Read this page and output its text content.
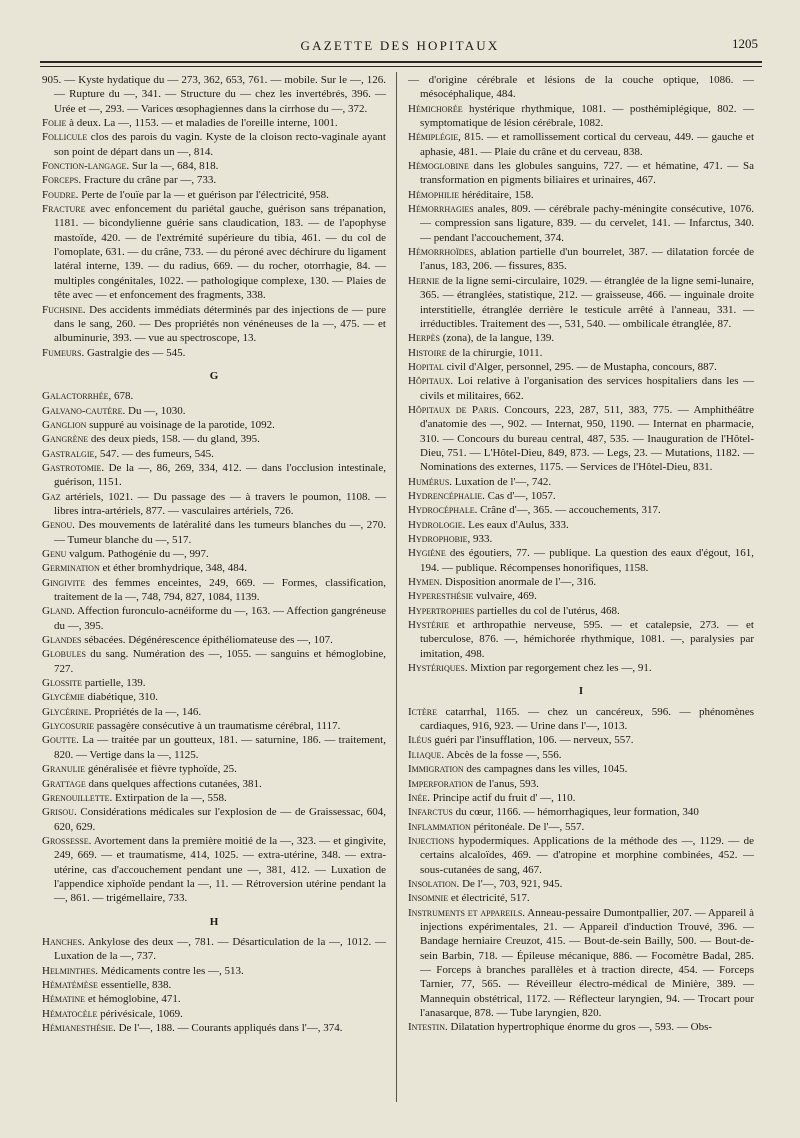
GAZETTE DES HOPITAUX	1205

905. — Kyste hydatique du — 273, 362, 653, 761. — mobile. Sur le —, 126. — Rupture du —, 341. — Structure du — chez les invertébrés, 396. — Urée et —, 293. — Varices œsophagiennes dans la cirrhose du —, 372.

Folie à deux. La —, 1153. — et maladies de l'oreille interne, 1001.

Follicule clos des parois du vagin. Kyste de la cloison recto-vaginale ayant son point de départ dans un —, 814.

Fonction-langage. Sur la —, 684, 818.

Forceps. Fracture du crâne par —, 733.

Foudre. Perte de l'ouïe par la — et guérison par l'électricité, 958.

Fracture avec enfoncement du pariétal gauche, guérison sans trépanation, 1181. — bicondylienne guérie sans claudication, 183. — de l'apophyse mastoïde, 420. — de l'extrémité supérieure du tibia, 461. — du col de l'omoplate, 631. — du crâne, 733. — du péroné avec déchirure du ligament latéral interne, 139. — du radius, 669. — du rocher, otorrhagie, 84. — multiples congénitales, 1022. — pathologique complexe, 130. — Plaies de tête avec — et enfoncement des fragments, 338.

Fuchsine. Des accidents immédiats déterminés par des injections de — pure dans le sang, 260. — Des propriétés non vénéneuses de la —, 475. — et albuminurie, 393. — vue au spectroscope, 13.

Fumeurs. Gastralgie des — 545.

G

Galactorrhée, 678.

Galvano-cautère. Du —, 1030.

Ganglion suppuré au voisinage de la parotide, 1092.

Gangrène des deux pieds, 158. — du gland, 395.

Gastralgie, 547. — des fumeurs, 545.

Gastrotomie. De la —, 86, 269, 334, 412. — dans l'occlusion intestinale, guérison, 1151.

Gaz artériels, 1021. — Du passage des — à travers le poumon, 1108. — libres intra-artériels, 877. — vasculaires artériels, 726.

Genou. Des mouvements de latéralité dans les tumeurs blanches du —, 270. — Tumeur blanche du —, 517.

Genu valgum. Pathogénie du —, 997.

Germination et éther bromhydrique, 348, 484.

Gingivite des femmes enceintes, 249, 669. — Formes, classification, traitement de la —, 748, 794, 827, 1084, 1139.

Gland. Affection furonculo-acnéiforme du —, 163. — Affection gangréneuse du —, 395.

Glandes sébacées. Dégénérescence épithéliomateuse des —, 107.

Globules du sang. Numération des —, 1055. — sanguins et hémoglobine, 727.

Glossite partielle, 139.

Glycémie diabétique, 310.

Glycérine. Propriétés de la —, 146.

Glycosurie passagère consécutive à un traumatisme cérébral, 1117.

Goutte. La — traitée par un goutteux, 181. — saturnine, 186. — traitement, 820. — Vertige dans la —, 1125.

Granulie généralisée et fièvre typhoïde, 25.

Grattage dans quelques affections cutanées, 381.

Grenouillette. Extirpation de la —, 558.

Grisou. Considérations médicales sur l'explosion de — de Graissessac, 604, 620, 629.

Grossesse. Avortement dans la première moitié de la —, 323. — et gingivite, 249, 669. — et traumatisme, 414, 1025. — extra-utérine, 348. — extra-utérine, cas d'accouchement pendant une —, 381, 412. — Luxation de l'appendice xiphoïde pendant la —, 11. — Rétroversion utérine pendant la —, 861. — trigémellaire, 733.

H

Hanches. Ankylose des deux —, 781. — Désarticulation de la —, 1012. — Luxation de la —, 737.

Helminthes. Médicaments contre les —, 513.

Hématémèse essentielle, 838.

Hématine et hémoglobine, 471.

Hématocèle périvésicale, 1069.

Hémianesthésie. De l'—, 188. — Courants appliqués dans l'—, 374.

— d'origine cérébrale et lésions de la couche optique, 1086. — mésocéphalique, 484.

Hémichorée hystérique rhythmique, 1081. — posthémiplégique, 802. — symptomatique de lésion cérébrale, 1082.

Hémiplégie, 815. — et ramollissement cortical du cerveau, 449. — gauche et aphasie, 481. — Plaie du crâne et du cerveau, 838.

Hémoglobine dans les globules sanguins, 727. — et hématine, 471. — Sa transformation en pigments biliaires et urinaires, 467.

Hémophilie héréditaire, 158.

Hémorrhagies anales, 809. — cérébrale pachy-méningite consécutive, 1076. — compression sans ligature, 839. — du cervelet, 141. — Infarctus, 340. — pendant l'accouchement, 374.

Hémorrhoïdes, ablation partielle d'un bourrelet, 387. — dilatation forcée de l'anus, 183, 206. — fissures, 835.

Hernie de la ligne semi-circulaire, 1029. — étranglée de la ligne semi-lunaire, 365. — étranglées, statistique, 212. — graisseuse, 466. — inguinale droite interstitielle, étranglée derrière le testicule arrêté à l'anneau, 331. — irréductibles. Traitement des —, 531, 540. — ombilicale étranglée, 87.

Herpès (zona), de la langue, 139.

Histoire de la chirurgie, 1011.

Hopital civil d'Alger, personnel, 295. — de Mustapha, concours, 887.

Hôpitaux. Loi relative à l'organisation des services hospitaliers dans les — civils et militaires, 662.

Hôpitaux de Paris. Concours, 223, 287, 511, 383, 775. — Amphithéâtre d'anatomie des —, 902. — Internat, 950, 1190. — Internat en pharmacie, 310. — Concours du bureau central, 487, 535. — Inauguration de l'Hôtel-Dieu, 751. — L'Hôtel-Dieu, 849, 873. — Legs, 23. — Mutations, 1182. — Nominations des externes, 1175. — Services de l'Hôtel-Dieu, 831.

Humérus. Luxation de l'—, 742.

Hydrencéphalie. Cas d'—, 1057.

Hydrocéphale. Crâne d'—, 365. — accouchements, 317.

Hydrologie. Les eaux d'Aulus, 333.

Hydrophobie, 933.

Hygiène des égoutiers, 77. — publique. La question des eaux d'égout, 161, 194. — publique. Récompenses honorifiques, 1158.

Hymen. Disposition anormale de l'—, 316.

Hyperesthésie vulvaire, 469.

Hypertrophies partielles du col de l'utérus, 468.

Hystérie et arthropathie nerveuse, 595. — et catalepsie, 273. — et tuberculose, 876. —, hémichorée rhythmique, 1081. —, paralysies par imitation, 498.

Hystériques. Mixtion par regorgement chez les —, 91.

I

Ictère catarrhal, 1165. — chez un cancéreux, 596. — phénomènes cardiaques, 916, 923. — Urine dans l'—, 1013.

Iléus guéri par l'insufflation, 106. — nerveux, 557.

Iliaque. Abcès de la fosse —, 556.

Immigration des campagnes dans les villes, 1045.

Imperforation de l'anus, 593.

Inée. Principe actif du fruit d' —, 110.

Infarctus du cœur, 1166. — hémorrhagiques, leur formation, 340

Inflammation péritonéale. De l'—, 557.

Injections hypodermiques. Applications de la méthode des —, 1129. — de certains alcaloïdes, 469. — d'atropine et morphine combinées, 452. — sous-cutanées de sang, 467.

Insolation. De l'—, 703, 921, 945.

Insomnie et électricité, 517.

Instruments et appareils. Anneau-pessaire Dumontpallier, 207. — Appareil à injections expérimentales, 21. — Appareil d'induction Trouvé, 396. — Bandage herniaire Creuzot, 415. — Bout-de-sein Bailly, 500. — Bout-de-sein Barbin, 718. — Épileuse mécanique, 886. — Focomètre Badal, 285. — Forceps à branches parallèles et à traction directe, 454. — Forceps Tarnier, 77, 565. — Réveilleur électro-médical de Minière, 389. — Mannequin obstétrical, 1172. — Réflecteur laryngien, 94. — Trocart pour l'anasarque, 878. — Tube laryngien, 820.

Intestin. Dilatation hypertrophique énorme du gros —, 593. — Obs-
